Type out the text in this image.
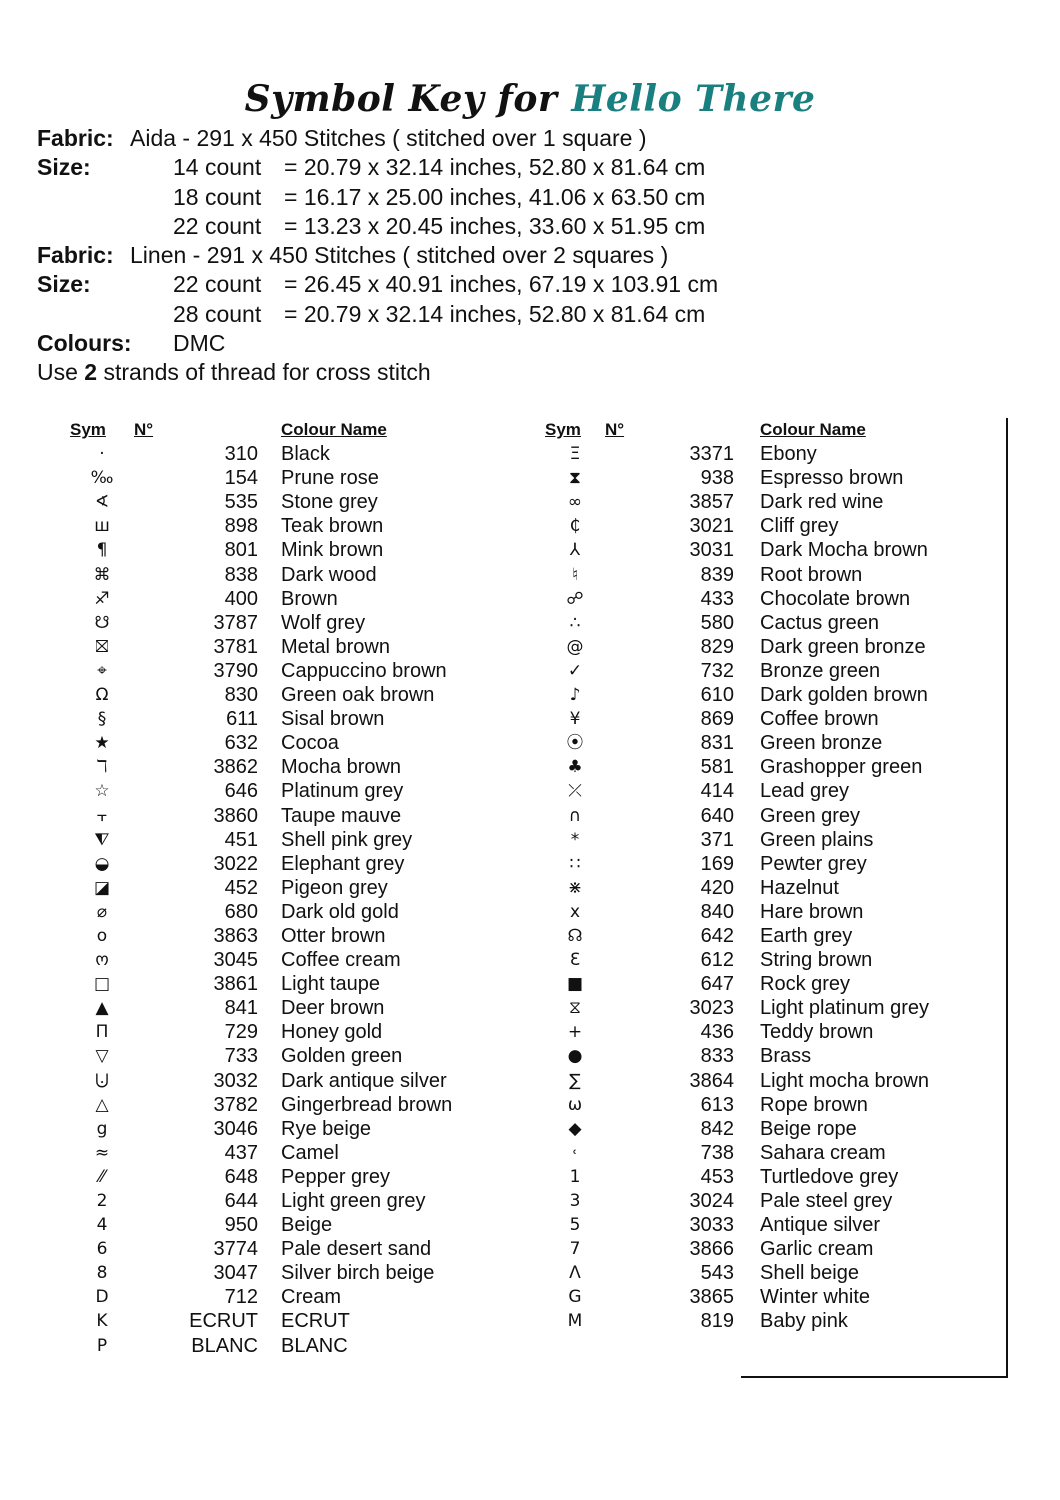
Symbol Key for Hello There
Fabric: Aida - 291 x 450 Stitches ( stitched over 1 square )
Size:	14 count = 20.79 x 32.14 inches, 52.80 x 81.64 cm
18 count = 16.17 x 25.00 inches, 41.06 x 63.50 cm
22 count = 13.23 x 20.45 inches, 33.60 x 51.95 cm
Fabric: Linen - 291 x 450 Stitches ( stitched over 2 squares )
Size:	22 count = 26.45 x 40.91 inches, 67.19 x 103.91 cm
28 count = 20.79 x 32.14 inches, 52.80 x 81.64 cm
Colours: DMC
Use 2 strands of thread for cross stitch
Sym	N°	Colour Name
·	310	Black
‰	154	Prune rose
∢	535	Stone grey
ш	898	Teak brown
¶	801	Mink brown
⌘	838	Dark wood
♐	400	Brown
☋	3787	Wolf grey
⛝	3781	Metal brown
⌖	3790	Cappuccino brown
Ω	830	Green oak brown
§	611	Sisal brown
★	632	Cocoa
ℸ	3862	Mocha brown
☆	646	Platinum grey
⫟	3860	Taupe mauve
⧨	451	Shell pink grey
◒	3022	Elephant grey
◪	452	Pigeon grey
⌀	680	Dark old gold
o	3863	Otter brown
ო	3045	Coffee cream
□	3861	Light taupe
▲	841	Deer brown
Π	729	Honey gold
▽	733	Golden green
⨃	3032	Dark antique silver
△	3782	Gingerbread brown
g	3046	Rye beige
≈	437	Camel
⁄⁄	648	Pepper grey
2	644	Light green grey
4	950	Beige
6	3774	Pale desert sand
8	3047	Silver birch beige
D	712	Cream
K	ECRUT	ECRUT
P	BLANC	BLANC
Sym	N°	Colour Name
Ξ	3371	Ebony
⧗	938	Espresso brown
∞	3857	Dark red wine
₵	3021	Cliff grey
⅄	3031	Dark Mocha brown
♮	839	Root brown
☍	433	Chocolate brown
∴	580	Cactus green
@	829	Dark green bronze
✓	732	Bronze green
♪	610	Dark golden brown
¥	869	Coffee brown
⦿	831	Green bronze
♣	581	Grashopper green
⤫	414	Lead grey
∩	640	Green grey
*	371	Green plains
∷	169	Pewter grey
⋇	420	Hazelnut
x	840	Hare brown
☊	642	Earth grey
Ɛ	612	String brown
■	647	Rock grey
⧖	3023	Light platinum grey
+	436	Teddy brown
●	833	Brass
∑	3864	Light mocha brown
ω	613	Rope brown
◆	842	Beige rope
˓	738	Sahara cream
1	453	Turtledove grey
3	3024	Pale steel grey
5	3033	Antique silver
7	3866	Garlic cream
Λ	543	Shell beige
G	3865	Winter white
M	819	Baby pink
